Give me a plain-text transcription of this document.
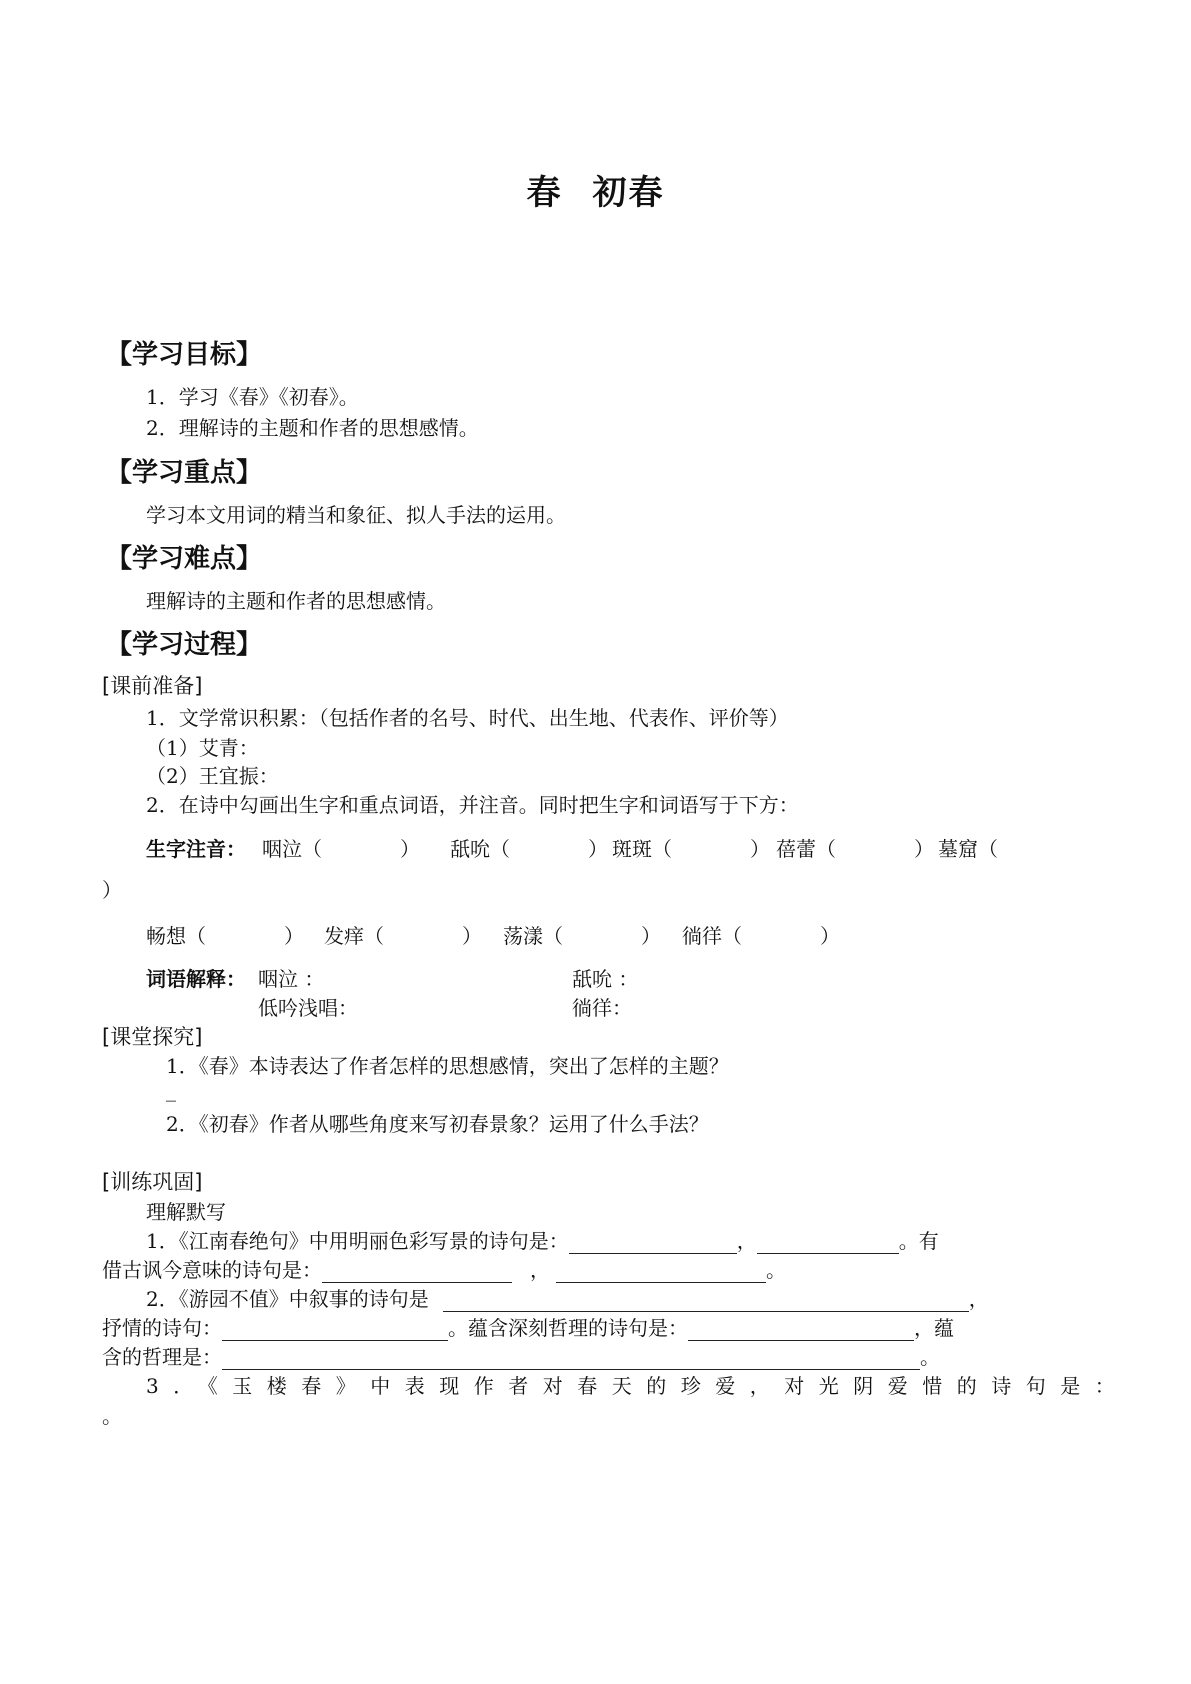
春 初春
【学习目标】
1．学习《春》《初春》。
2．理解诗的主题和作者的思想感情。
【学习重点】
学习本文用词的精当和象征、拟人手法的运用。
【学习难点】
理解诗的主题和作者的思想感情。
【学习过程】
[课前准备]
1．文学常识积累：（包括作者的名号、时代、出生地、代表作、评价等）
（1）艾青：
（2）王宜振：
2．在诗中勾画出生字和重点词语，并注音。同时把生字和词语写于下方：
生字注音： 咽泣（	） 舐吮（	） 斑斑（	） 蓓蕾（	） 墓窟（
）
畅想（	） 发痒（	） 荡漾（	） 徜徉（	）
词语解释： 咽泣 ：	舐吮 ：
低吟浅唱：	徜徉：
[课堂探究]
1．《春》本诗表达了作者怎样的思想感情，突出了怎样的主题？
_
2．《初春》作者从哪些角度来写初春景象？运用了什么手法？
[训练巩固]
理解默写
1．《江南春绝句》中用明丽色彩写景的诗句是：	，	。有
借古讽今意味的诗句是：	，	。
2．《游园不值》中叙事的诗句是	，
抒情的诗句：	。蕴含深刻哲理的诗句是：	，蕴
含的哲理是：	。
3．《玉楼春》中表现作者对春天的珍爱，对光阴爱惜的诗句是：
。
